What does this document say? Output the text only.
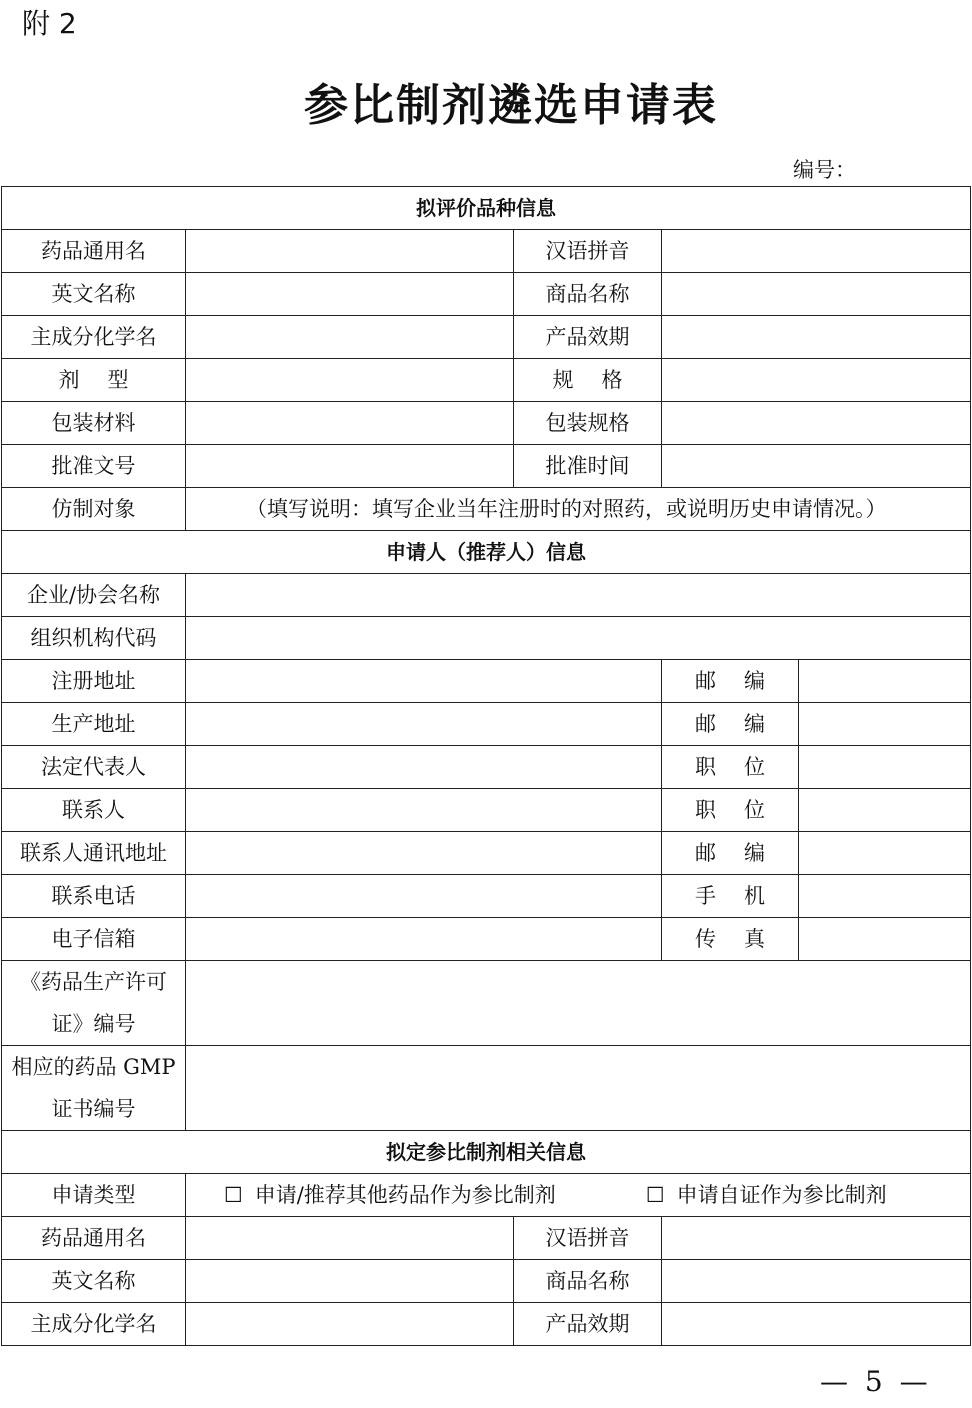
附 2
参比制剂遴选申请表
编号：
拟评价品种信息				
药品通用名		汉语拼音		
英文名称		商品名称		
主成分化学名		产品效期		
剂型		规格		
包装材料		包装规格		
批准文号		批准时间		
仿制对象	（填写说明：填写企业当年注册时的对照药，或说明历史申请情况。）			
申请人（推荐人）信息				
企业/协会名称				
组织机构代码				
注册地址			邮编	
生产地址			邮编	
法定代表人			职位	
联系人			职位	
联系人通讯地址			邮编	
联系电话			手机	
电子信箱			传真	

《药品生产许可
证》编号				

相应的药品 GMP
证书编号				

拟定参比制剂相关信息				
申请类型	☐ 申请/推荐其他药品作为参比制剂 ☐ 申请自证作为参比制剂			
药品通用名		汉语拼音		
英文名称		商品名称		
主成分化学名		产品效期		
— 5 —
